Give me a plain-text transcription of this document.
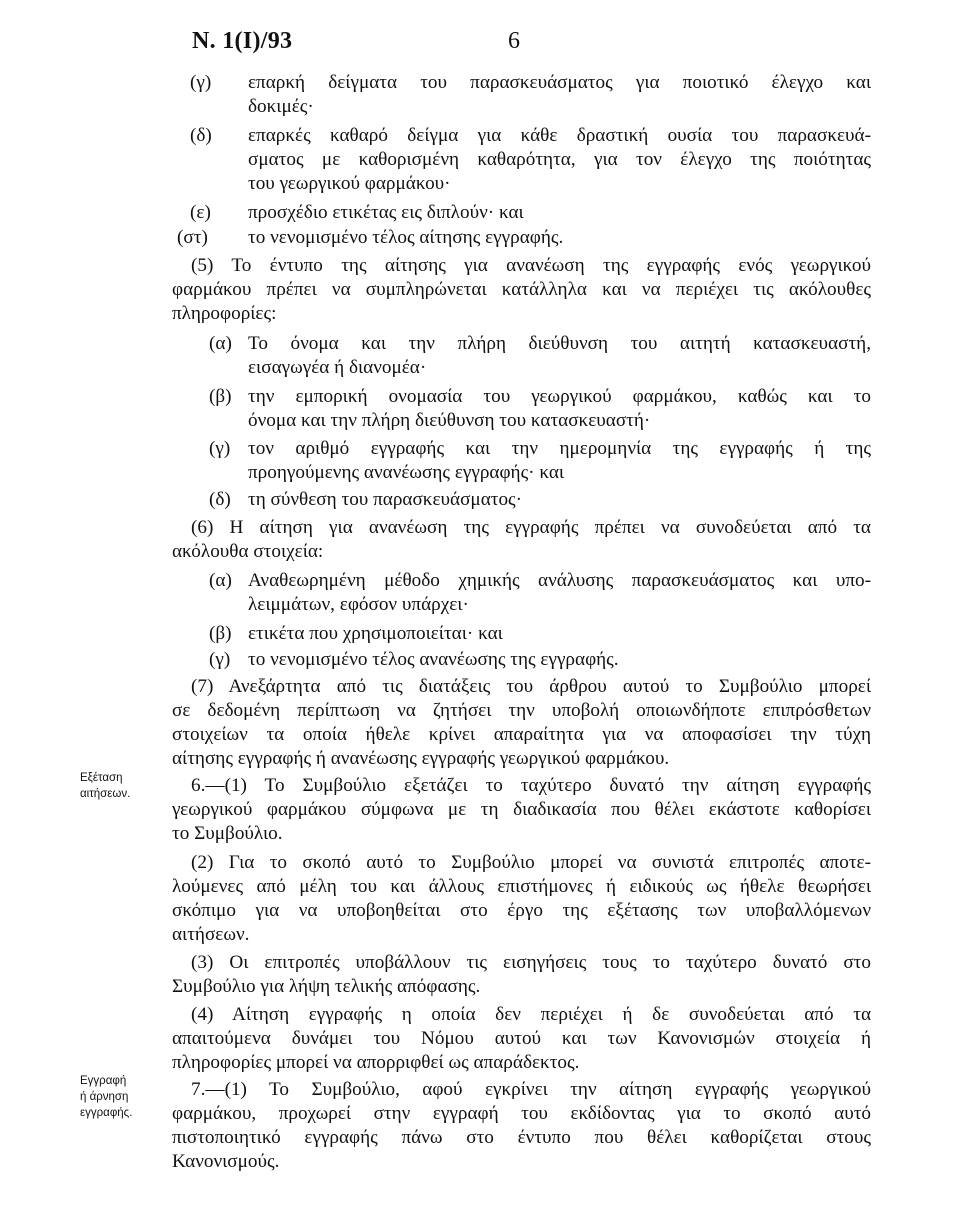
Ν. 1(Ι)/93	6
Εξέταση
αιτήσεων.
Εγγραφή
ή άρνηση
εγγραφής.
(γ) επαρκή δείγματα του παρασκευάσματος για ποιοτικό έλεγχο και
δοκιμές·
(δ) επαρκές καθαρό δείγμα για κάθε δραστική ουσία του παρασκευά-
σματος με καθορισμένη καθαρότητα, για τον έλεγχο της ποιότητας
του γεωργικού φαρμάκου·
(ε) προσχέδιο ετικέτας εις διπλούν· και
(στ) το νενομισμένο τέλος αίτησης εγγραφής.
(5) Το έντυπο της αίτησης για ανανέωση της εγγραφής ενός γεωργικού
φαρμάκου πρέπει να συμπληρώνεται κατάλληλα και να περιέχει τις ακόλουθες
πληροφορίες:
(α) Το όνομα και την πλήρη διεύθυνση του αιτητή κατασκευαστή,
εισαγωγέα ή διανομέα·
(β) την εμπορική ονομασία του γεωργικού φαρμάκου, καθώς και το
όνομα και την πλήρη διεύθυνση του κατασκευαστή·
(γ) τον αριθμό εγγραφής και την ημερομηνία της εγγραφής ή της
προηγούμενης ανανέωσης εγγραφής· και
(δ) τη σύνθεση του παρασκευάσματος·
(6) Η αίτηση για ανανέωση της εγγραφής πρέπει να συνοδεύεται από τα
ακόλουθα στοιχεία:
(α) Αναθεωρημένη μέθοδο χημικής ανάλυσης παρασκευάσματος και υπο-
λειμμάτων, εφόσον υπάρχει·
(β) ετικέτα που χρησιμοποιείται· και
(γ) το νενομισμένο τέλος ανανέωσης της εγγραφής.
(7) Ανεξάρτητα από τις διατάξεις του άρθρου αυτού το Συμβούλιο μπορεί
σε δεδομένη περίπτωση να ζητήσει την υποβολή οποιωνδήποτε επιπρόσθετων
στοιχείων τα οποία ήθελε κρίνει απαραίτητα για να αποφασίσει την τύχη
αίτησης εγγραφής ή ανανέωσης εγγραφής γεωργικού φαρμάκου.
6.—(1) Το Συμβούλιο εξετάζει το ταχύτερο δυνατό την αίτηση εγγραφής
γεωργικού φαρμάκου σύμφωνα με τη διαδικασία που θέλει εκάστοτε καθορίσει
το Συμβούλιο.
(2) Για το σκοπό αυτό το Συμβούλιο μπορεί να συνιστά επιτροπές αποτε-
λούμενες από μέλη του και άλλους επιστήμονες ή ειδικούς ως ήθελε θεωρήσει
σκόπιμο για να υποβοηθείται στο έργο της εξέτασης των υποβαλλόμενων
αιτήσεων.
(3) Οι επιτροπές υποβάλλουν τις εισηγήσεις τους το ταχύτερο δυνατό στο
Συμβούλιο για λήψη τελικής απόφασης.
(4) Αίτηση εγγραφής η οποία δεν περιέχει ή δε συνοδεύεται από τα
απαιτούμενα δυνάμει του Νόμου αυτού και των Κανονισμών στοιχεία ή
πληροφορίες μπορεί να απορριφθεί ως απαράδεκτος.
7.—(1) Το Συμβούλιο, αφού εγκρίνει την αίτηση εγγραφής γεωργικού
φαρμάκου, προχωρεί στην εγγραφή του εκδίδοντας για το σκοπό αυτό
πιστοποιητικό εγγραφής πάνω στο έντυπο που θέλει καθορίζεται στους
Κανονισμούς.
